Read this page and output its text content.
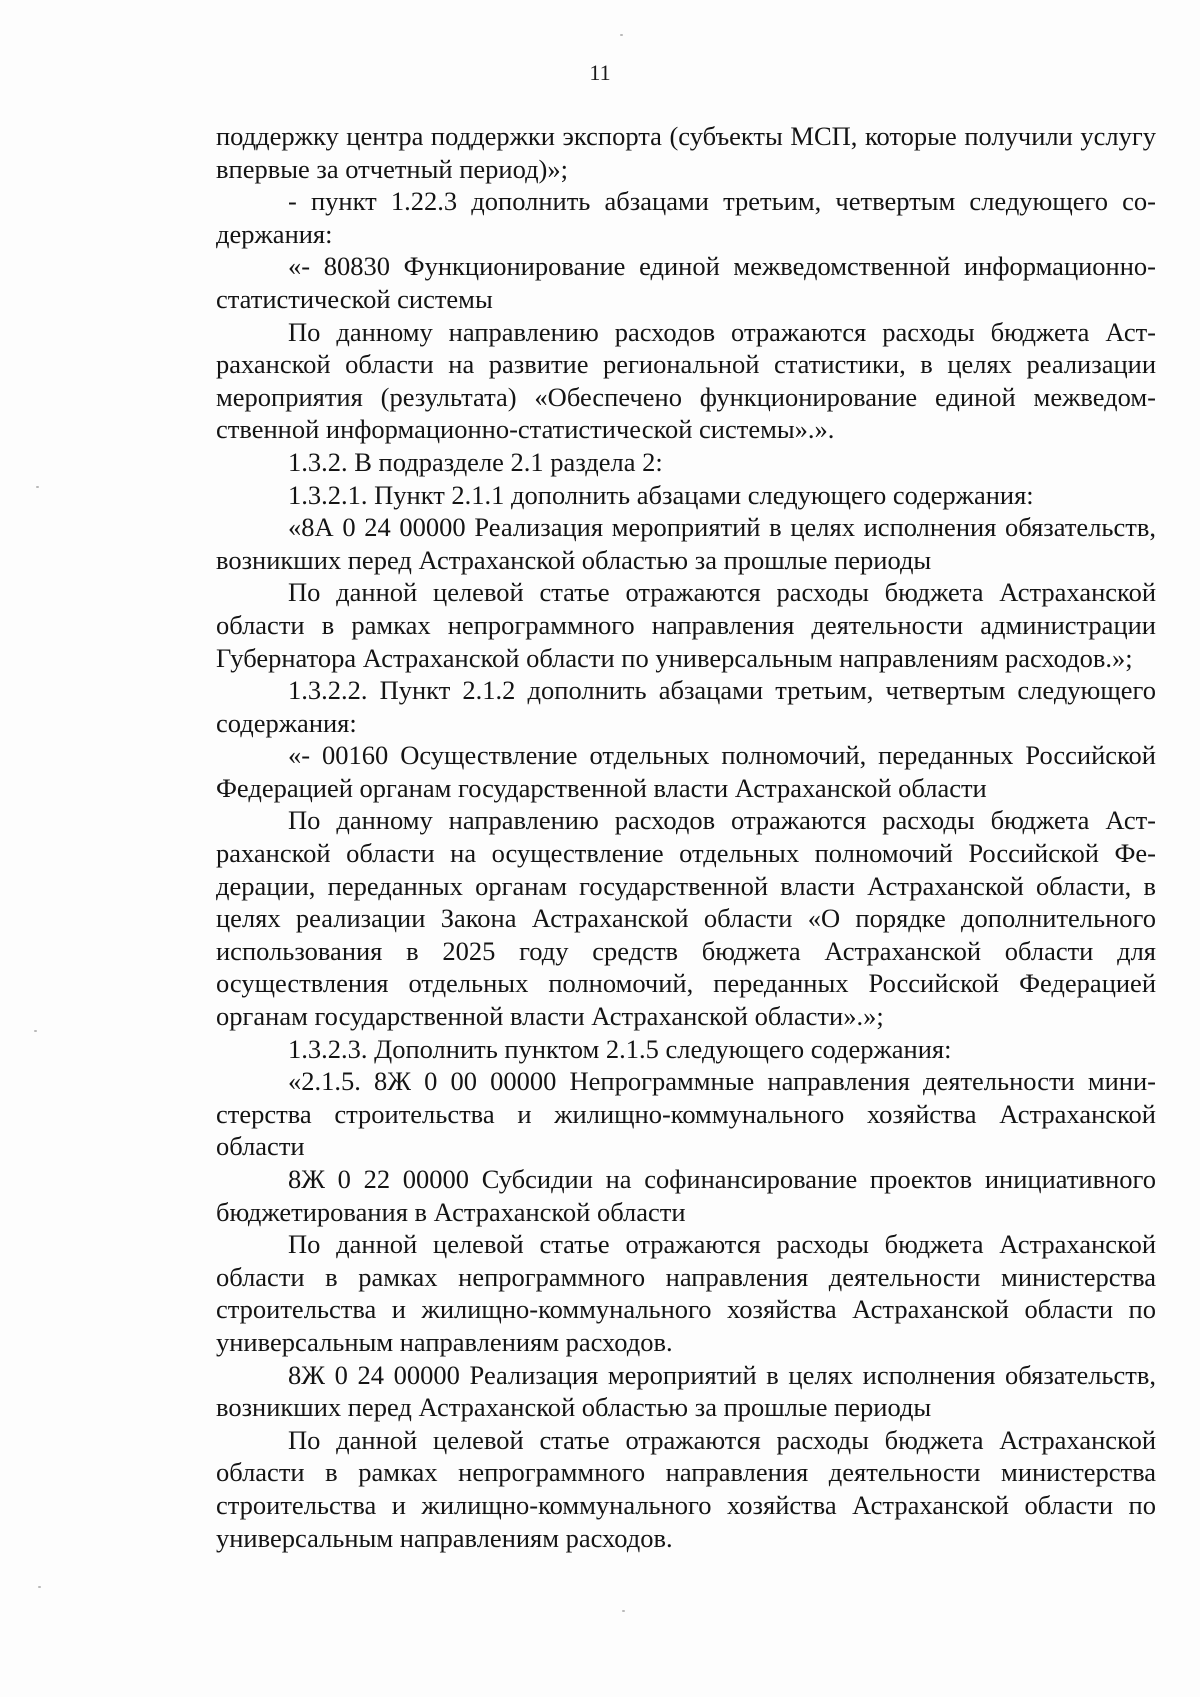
11

поддержку центра поддержки экспорта (субъекты МСП, которые получили услугу впервые за отчетный период)»;

- пункт 1.22.3 дополнить абзацами третьим, четвертым следующего содержания:

«- 80830 Функционирование единой межведомственной информационно-статистической системы

По данному направлению расходов отражаются расходы бюджета Астраханской области на развитие региональной статистики, в целях реализации мероприятия (результата) «Обеспечено функционирование единой межведомственной информационно-статистической системы».».

1.3.2. В подразделе 2.1 раздела 2:

1.3.2.1. Пункт 2.1.1 дополнить абзацами следующего содержания:

«8А 0 24 00000 Реализация мероприятий в целях исполнения обязательств, возникших перед Астраханской областью за прошлые периоды

По данной целевой статье отражаются расходы бюджета Астраханской области в рамках непрограммного направления деятельности администрации Губернатора Астраханской области по универсальным направлениям расходов.»;

1.3.2.2. Пункт 2.1.2 дополнить абзацами третьим, четвертым следующего содержания:

«- 00160 Осуществление отдельных полномочий, переданных Российской Федерацией органам государственной власти Астраханской области

По данному направлению расходов отражаются расходы бюджета Астраханской области на осуществление отдельных полномочий Российской Федерации, переданных органам государственной власти Астраханской области, в целях реализации Закона Астраханской области «О порядке дополнительного использования в 2025 году средств бюджета Астраханской области для осуществления отдельных полномочий, переданных Российской Федерацией органам государственной власти Астраханской области».»;

1.3.2.3. Дополнить пунктом 2.1.5 следующего содержания:

«2.1.5. 8Ж 0 00 00000 Непрограммные направления деятельности министерства строительства и жилищно-коммунального хозяйства Астраханской области

8Ж 0 22 00000 Субсидии на софинансирование проектов инициативного бюджетирования в Астраханской области

По данной целевой статье отражаются расходы бюджета Астраханской области в рамках непрограммного направления деятельности министерства строительства и жилищно-коммунального хозяйства Астраханской области по универсальным направлениям расходов.

8Ж 0 24 00000 Реализация мероприятий в целях исполнения обязательств, возникших перед Астраханской областью за прошлые периоды

По данной целевой статье отражаются расходы бюджета Астраханской области в рамках непрограммного направления деятельности министерства строительства и жилищно-коммунального хозяйства Астраханской области по универсальным направлениям расходов.
